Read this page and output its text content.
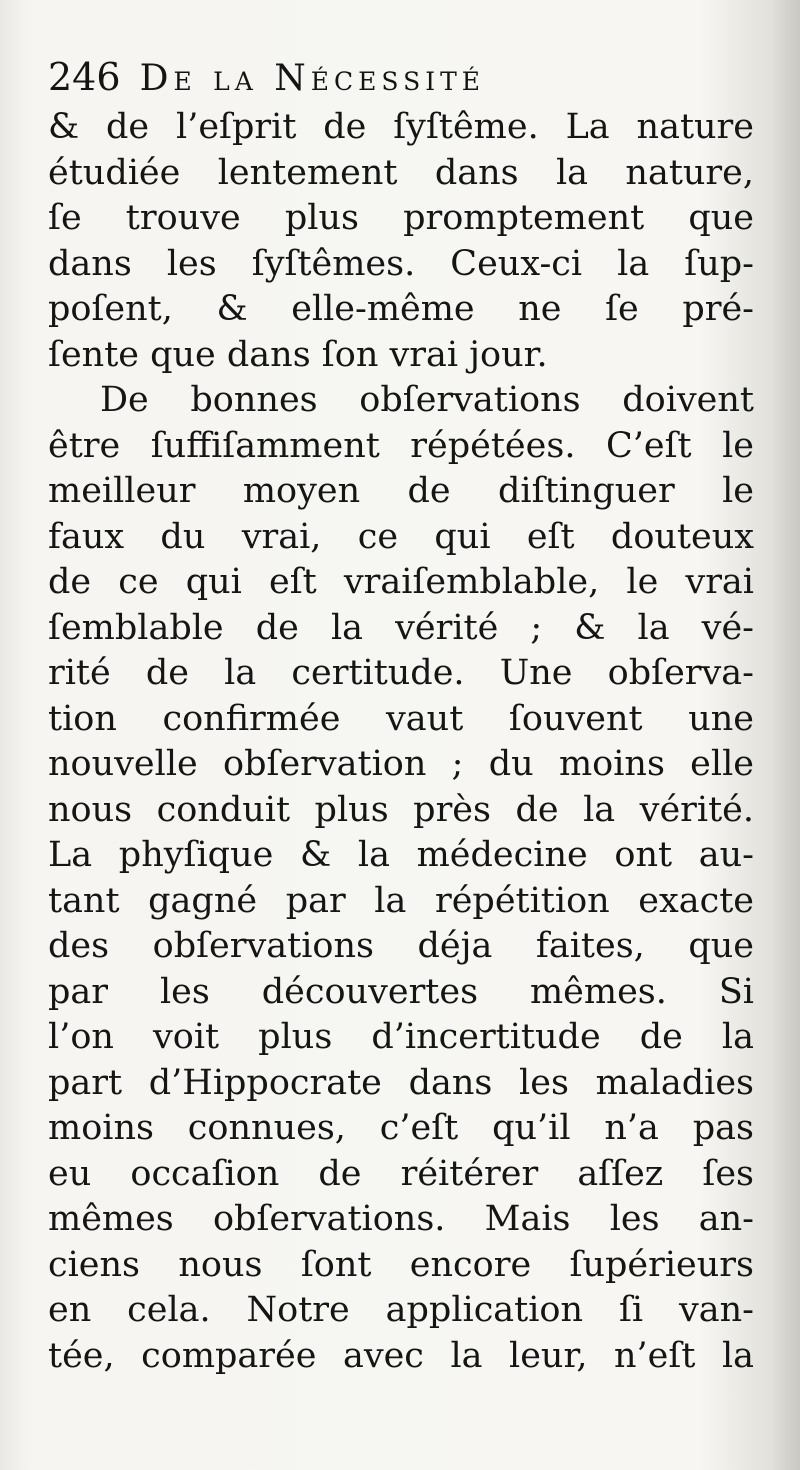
246 De la Nécessité
& de l’eſprit de ſyſtême. La nature
étudiée lentement dans la nature,
ſe trouve plus promptement que
dans les ſyſtêmes. Ceux-ci la ſup-
poſent, & elle-même ne ſe pré-
ſente que dans ſon vrai jour.
De bonnes obſervations doivent
être ſuffiſamment répétées. C’eſt le
meilleur moyen de diſtinguer le
faux du vrai, ce qui eſt douteux
de ce qui eſt vraiſemblable, le vrai
ſemblable de la vérité ; & la vé-
rité de la certitude. Une obſerva-
tion confirmée vaut ſouvent une
nouvelle obſervation ; du moins elle
nous conduit plus près de la vérité.
La phyſique & la médecine ont au-
tant gagné par la répétition exacte
des obſervations déja faites, que
par les découvertes mêmes. Si
l’on voit plus d’incertitude de la
part d’Hippocrate dans les maladies
moins connues, c’eſt qu’il n’a pas
eu occaſion de réitérer aſſez ſes
mêmes obſervations. Mais les an-
ciens nous ſont encore ſupérieurs
en cela. Notre application ſi van-
tée, comparée avec la leur, n’eſt la
